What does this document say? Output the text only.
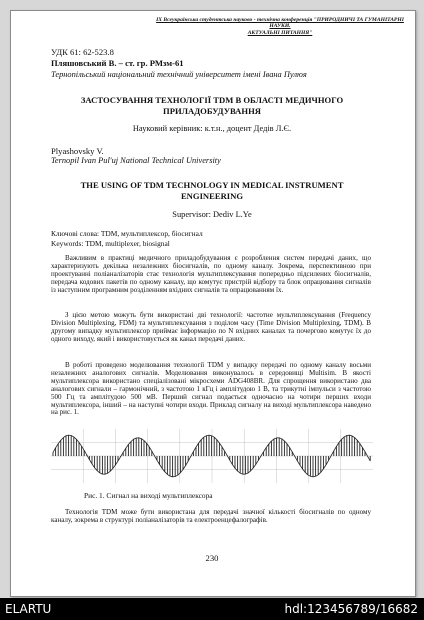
IX Всеукраїнська студентська науково - технічна конференція "ПРИРОДНИЧІ ТА ГУМАНІТАРНІ НАУКИ.
АКТУАЛЬНІ ПИТАННЯ"
УДК 61: 62-523.8
Пляшовський В. – ст. гр. РМзм-61
Тернопільський національний технічний університет імені Івана Пулюя
ЗАСТОСУВАННЯ ТЕХНОЛОГІЇ TDM В ОБЛАСТІ МЕДИЧНОГО
ПРИЛАДОБУДУВАННЯ
Науковий керівник: к.т.н., доцент Дедів Л.Є.
Plyashovsky V.
Ternopil Ivan Pul'uj National Technical University
THE USING OF TDM TECHNOLOGY IN MEDICAL INSTRUMENT
ENGINEERING
Supervisor: Dediv L.Ye
Ключові слова: TDM, мультиплексор, біосигнал
Keywords: TDM, multiplexer, biosignal
Важливим в практиці медичного приладобудування є розроблення систем передачі даних, що характеризують декілька незалежних біосигналів, по одному каналу. Зокрема, перспективною при проектуванні поліаналізаторів стає технологія мультиплексування попередньо підсилених біосигналів, передача кодових пакетів по одному каналу, що комутує пристрій відбору та блок опрацювання сигналів із наступним програмним розділенням вхідних сигналів та опрацюванням їх.
З цією метою можуть бути використані дві технології: частотне мультиплексування (Frequency Division Multiplexing, FDM) та мультиплексування з поділом часу (Time Division Multiplexing, TDM). В другому випадку мультиплексор приймає інформацію по N вхідних каналах та почергово комутує їх до одного виходу, який і використовується як канал передачі даних.
В роботі проведено моделювання технології TDM у випадку передачі по одному каналу восьми незалежних аналогових сигналів. Моделювання виконувалось в середовищі Multisim. В якості мультиплексора використано спеціалізовані мікросхеми ADG408BR. Для спрощення використано два аналогових сигнали – гармонічний, з частотою 1 кГц і амплітудою 1 В, та трикутні імпульси з частотою 500 Гц та амплітудою 500 мВ. Перший сигнал подається одночасно на чотири перших входи мультиплексора, інший – на наступні чотири входи. Приклад сигналу на виході мультиплексора наведено на рис. 1.
Рис. 1. Сигнал на виході мультиплексора
Технологія TDM може бути використана для передачі значної кількості біосигналів по одному каналу, зокрема в структурі поліаналізаторів та електроенцефалографів.
230
ELARTU	hdl:123456789/16682
